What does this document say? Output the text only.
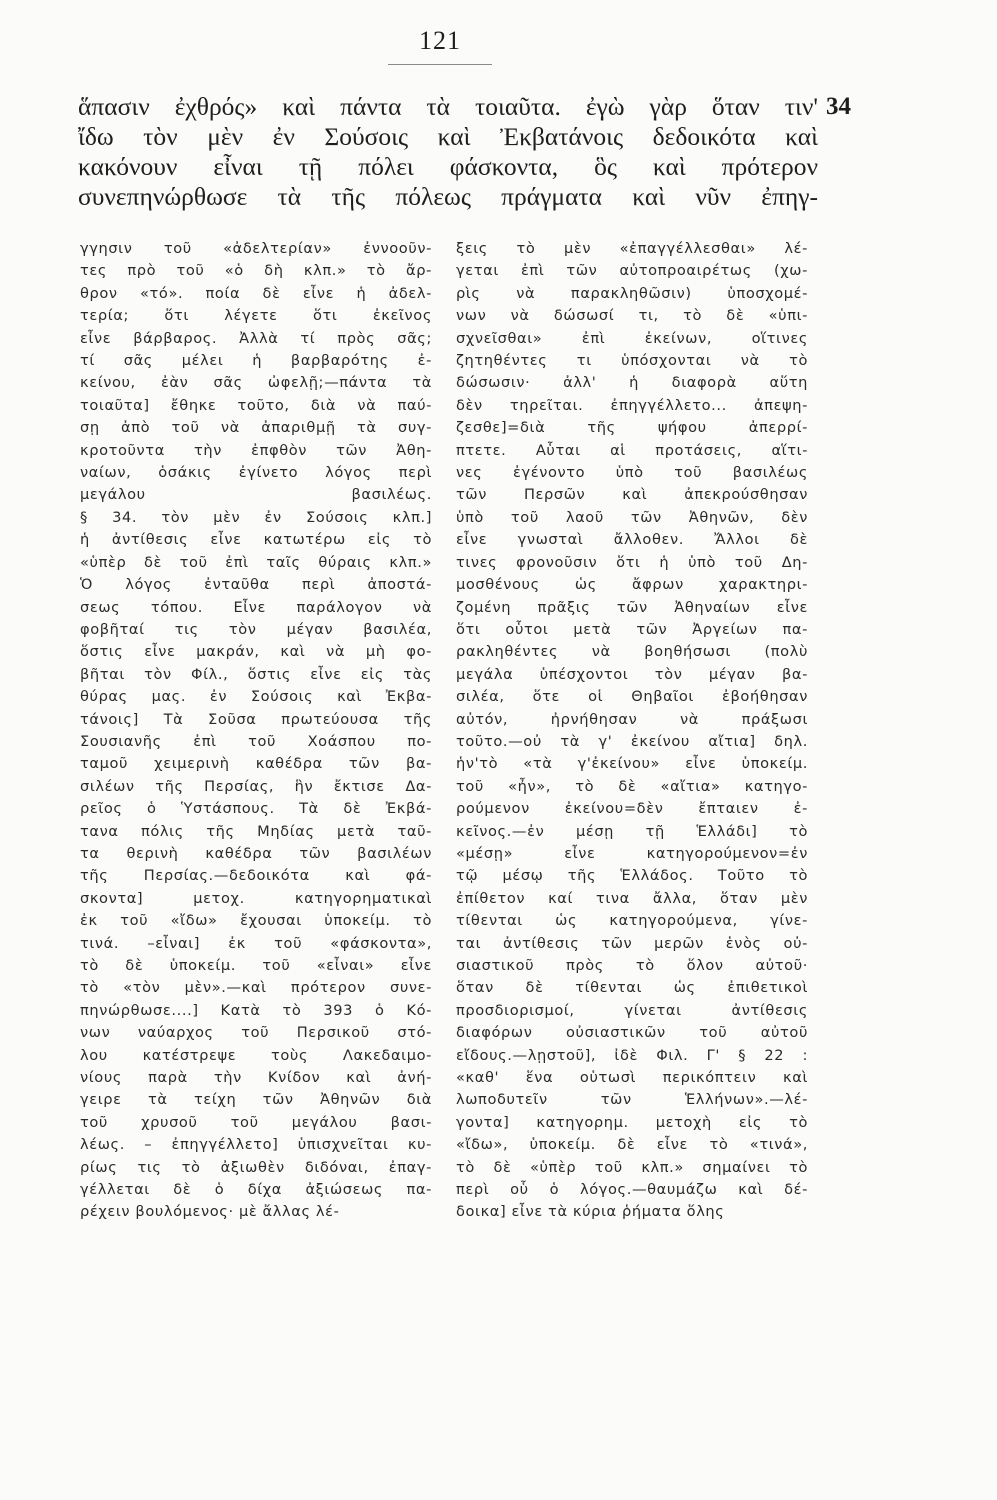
121
ἅπασιν ἐχθρός» καὶ πάντα τὰ τοιαῦτα. ἐγὼ γὰρ ὅταν τιν'
ἴδω τὸν μὲν ἐν Σούσοις καὶ Ἐκβατάνοις δεδοικότα καὶ
κακόνουν εἶναι τῇ πόλει φάσκοντα, ὃς καὶ πρότερον
συνεπηνώρθωσε τὰ τῆς πόλεως πράγματα καὶ νῦν ἐπηγ-
34
γγησιν τοῦ «ἀδελτερίαν» ἐννοοῦν-
τες πρὸ τοῦ «ὁ δὴ κλπ.» τὸ ἄρ-
θρον «τό». ποία δὲ εἶνε ἡ ἀδελ-
τερία; ὅτι λέγετε ὅτι ἐκεῖνος
εἶνε βάρβαρος. Ἀλλὰ τί πρὸς σᾶς;
τί σᾶς μέλει ἡ βαρβαρότης ἐ-
κείνου, ἐὰν σᾶς ὠφελῇ;—πάντα τὰ
τοιαῦτα] ἔθηκε τοῦτο, διὰ νὰ παύ-
σῃ ἀπὸ τοῦ νὰ ἀπαριθμῇ τὰ συγ-
κροτοῦντα τὴν ἐπφθὸν τῶν Ἀθη-
ναίων, ὁσάκις ἐγίνετο λόγος περὶ
μεγάλου βασιλέως.
§ 34. τὸν μὲν ἐν Σούσοις κλπ.]
ἡ ἀντίθεσις εἶνε κατωτέρω εἰς τὸ
«ὑπὲρ δὲ τοῦ ἐπὶ ταῖς θύραις κλπ.»
Ὁ λόγος ἐνταῦθα περὶ ἀποστά-
σεως τόπου. Εἶνε παράλογον νὰ
φοβῆταί τις τὸν μέγαν βασιλέα,
ὅστις εἶνε μακράν, καὶ νὰ μὴ φο-
βῆται τὸν Φίλ., ὅστις εἶνε εἰς τὰς
θύρας μας. ἐν Σούσοις καὶ Ἐκβα-
τάνοις] Τὰ Σοῦσα πρωτεύουσα τῆς
Σουσιανῆς ἐπὶ τοῦ Χοάσπου πο-
ταμοῦ χειμερινὴ καθέδρα τῶν βα-
σιλέων τῆς Περσίας, ἣν ἔκτισε Δα-
ρεῖος ὁ Ὑστάσπους. Τὰ δὲ Ἐκβά-
τανα πόλις τῆς Μηδίας μετὰ ταῦ-
τα θερινὴ καθέδρα τῶν βασιλέων
τῆς Περσίας.—δεδοικότα καὶ φά-
σκοντα] μετοχ. κατηγορηματικαὶ
ἐκ τοῦ «ἴδω» ἔχουσαι ὑποκείμ. τὸ
τινά. –εἶναι] ἐκ τοῦ «φάσκοντα»,
τὸ δὲ ὑποκείμ. τοῦ «εἶναι» εἶνε
τὸ «τὸν μὲν».—καὶ πρότερον συνε-
πηνώρθωσε....] Κατὰ τὸ 393 ὁ Κό-
νων ναύαρχος τοῦ Περσικοῦ στό-
λου κατέστρεψε τοὺς Λακεδαιμο-
νίους παρὰ τὴν Κνίδον καὶ ἀνή-
γειρε τὰ τείχη τῶν Ἀθηνῶν διὰ
τοῦ χρυσοῦ τοῦ μεγάλου βασι-
λέως. – ἐπηγγέλλετο] ὑπισχνεῖται κυ-
ρίως τις τὸ ἀξιωθὲν διδόναι, ἐπαγ-
γέλλεται δὲ ὁ δίχα ἀξιώσεως πα-
ρέχειν βουλόμενος· μὲ ἄλλας λέ-
ξεις τὸ μὲν «ἐπαγγέλλεσθαι» λέ-
γεται ἐπὶ τῶν αὐτοπροαιρέτως (χω-
ρὶς νὰ παρακληθῶσιν) ὑποσχομέ-
νων νὰ δώσωσί τι, τὸ δὲ «ὑπι-
σχνεῖσθαι» ἐπὶ ἐκείνων, οἵτινες
ζητηθέντες τι ὑπόσχονται νὰ τὸ
δώσωσιν· ἀλλ' ἡ διαφορὰ αὕτη
δὲν τηρεῖται. ἐπηγγέλλετο... ἀπεψη-
ζεσθε]=διὰ τῆς ψήφου ἀπερρί-
πτετε. Αὗται αἱ προτάσεις, αἵτι-
νες ἐγένοντο ὑπὸ τοῦ βασιλέως
τῶν Περσῶν καὶ ἀπεκρούσθησαν
ὑπὸ τοῦ λαοῦ τῶν Ἀθηνῶν, δὲν
εἶνε γνωσταὶ ἄλλοθεν. Ἄλλοι δὲ
τινες φρονοῦσιν ὅτι ἡ ὑπὸ τοῦ Δη-
μοσθένους ὡς ἄφρων χαρακτηρι-
ζομένη πρᾶξις τῶν Ἀθηναίων εἶνε
ὅτι οὗτοι μετὰ τῶν Ἀργείων πα-
ρακληθέντες νὰ βοηθήσωσι (πολὺ
μεγάλα ὑπέσχοντοι τὸν μέγαν βα-
σιλέα, ὅτε οἱ Θηβαῖοι ἐβοήθησαν
αὐτόν, ἠρνήθησαν νὰ πράξωσι
τοῦτο.—οὐ τὰ γ' ἐκείνου αἴτια] δηλ.
ἡν'τὸ «τὰ γ'ἐκείνου» εἶνε ὑποκείμ.
τοῦ «ἦν», τὸ δὲ «αἴτια» κατηγο-
ρούμενον ἐκείνου=δὲν ἔπταιεν ἐ-
κεῖνος.—ἐν μέσῃ τῇ Ἑλλάδι] τὸ
«μέσῃ» εἶνε κατηγορούμενον=ἐν
τῷ μέσῳ τῆς Ἑλλάδος. Τοῦτο τὸ
ἐπίθετον καί τινα ἄλλα, ὅταν μὲν
τίθενται ὡς κατηγορούμενα, γίνε-
ται ἀντίθεσις τῶν μερῶν ἑνὸς οὐ-
σιαστικοῦ πρὸς τὸ ὅλον αὐτοῦ·
ὅταν δὲ τίθενται ὡς ἐπιθετικοὶ
προσδιορισμοί, γίνεται ἀντίθεσις
διαφόρων οὐσιαστικῶν τοῦ αὐτοῦ
εἴδους.—λῃστοῦ], ἰδὲ Φιλ. Γ' § 22 :
«καθ' ἕνα οὑτωσὶ περικόπτειν καὶ
λωποδυτεῖν τῶν Ἑλλήνων».—λέ-
γοντα] κατηγορημ. μετοχὴ εἰς τὸ
«ἴδω», ὑποκείμ. δὲ εἶνε τὸ «τινά»,
τὸ δὲ «ὑπὲρ τοῦ κλπ.» σημαίνει τὸ
περὶ οὗ ὁ λόγος.—θαυμάζω καὶ δέ-
δοικα] εἶνε τὰ κύρια ῥήματα ὅλης
